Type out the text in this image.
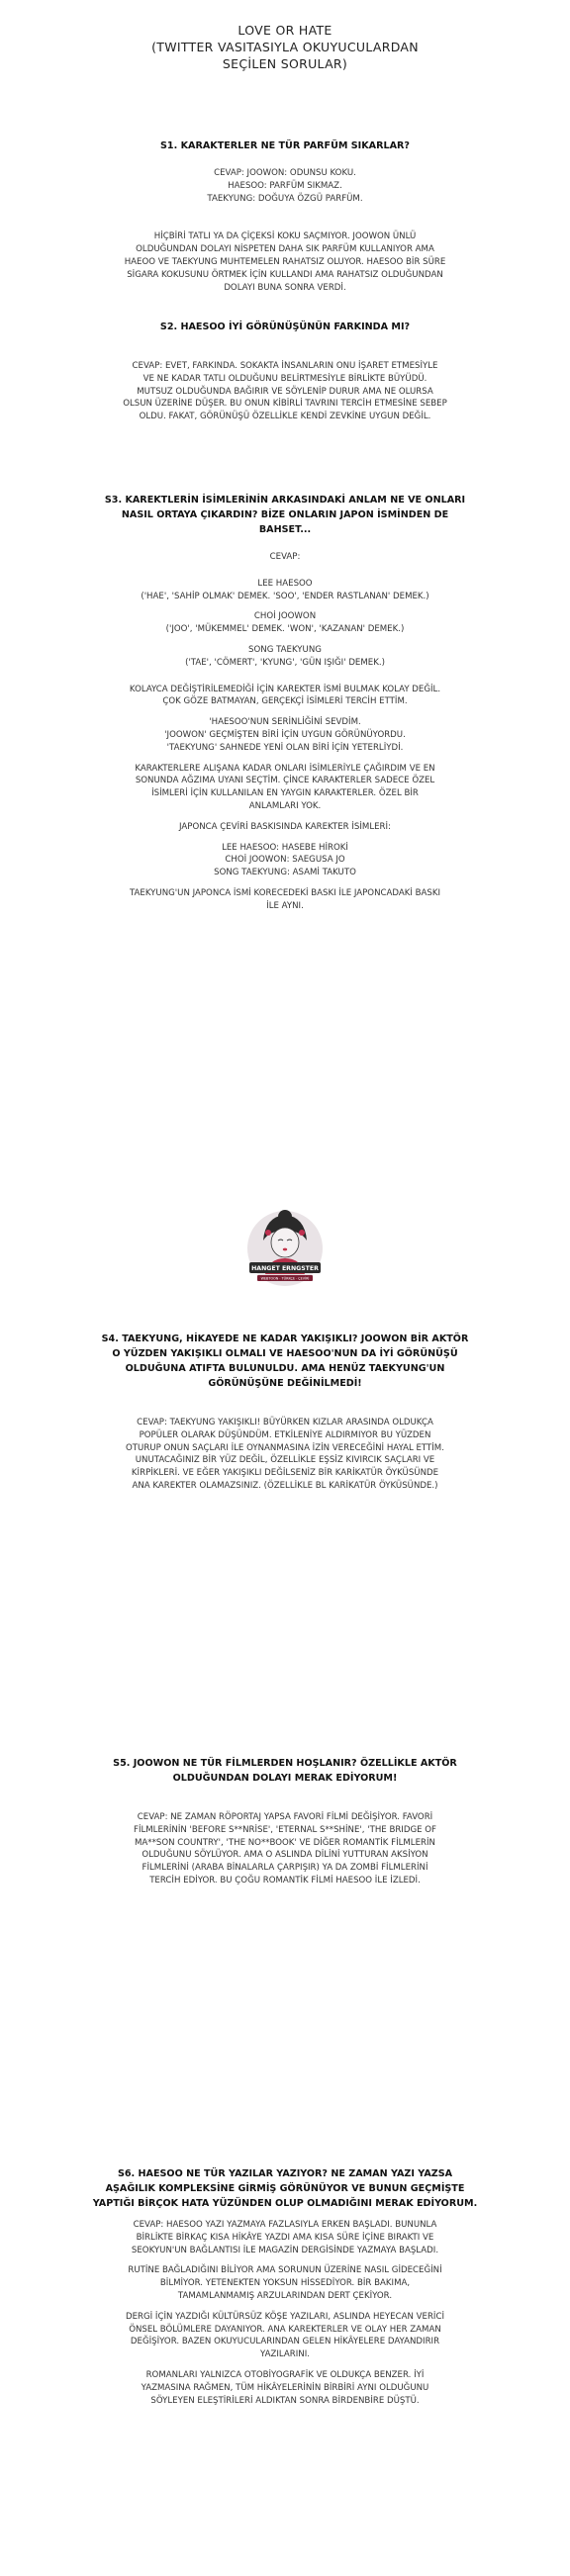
LOVE OR HATE
(TWITTER VASITASIYLA OKUYUCULARDAN
SEÇİLEN SORULAR)
S1. KARAKTERLER NE TÜR PARFÜM SIKARLAR?

CEVAP: JOOWON: ODUNSU KOKU.

HAESOO: PARFÜM SIKMAZ.

TAEKYUNG: DOĞUYA ÖZGÜ PARFÜM.

HİÇBİRİ TATLI YA DA ÇİÇEKSİ KOKU SAÇMIYOR. JOOWON ÜNLÜ

OLDUĞUNDAN DOLAYI NİSPETEN DAHA SIK PARFÜM KULLANIYOR AMA

HAEOO VE TAEKYUNG MUHTEMELEN RAHATSIZ OLUYOR. HAESOO BİR SÜRE

SİGARA KOKUSUNU ÖRTMEK İÇİN KULLANDI AMA RAHATSIZ OLDUĞUNDAN

DOLAYI BUNA SONRA VERDİ.

S2. HAESOO İYİ GÖRÜNÜŞÜNÜN FARKINDA MI?

CEVAP: EVET, FARKINDA. SOKAKTA İNSANLARIN ONU İŞARET ETMESİYLE

VE NE KADAR TATLI OLDUĞUNU BELİRTMESİYLE BİRLİKTE BÜYÜDÜ.

MUTSUZ OLDUĞUNDA BAĞIRIR VE SÖYLENİP DURUR AMA NE OLURSA

OLSUN ÜZERİNE DÜŞER. BU ONUN KİBİRLİ TAVRINI TERCİH ETMESİNE SEBEP

OLDU. FAKAT, GÖRÜNÜŞÜ ÖZELLİKLE KENDİ ZEVKİNE UYGUN DEĞİL.

S3. KAREKTLERİN İSİMLERİNİN ARKASINDAKİ ANLAM NE VE ONLARI
NASIL ORTAYA ÇIKARDIN? BİZE ONLARIN JAPON İSMİNDEN DE
BAHSET...

CEVAP:

LEE HAESOO

('HAE', 'SAHİP OLMAK' DEMEK. 'SOO', 'ENDER RASTLANAN' DEMEK.)

CHOİ JOOWON

('JOO', 'MÜKEMMEL' DEMEK. 'WON', 'KAZANAN' DEMEK.)

SONG TAEKYUNG

('TAE', 'CÖMERT', 'KYUNG', 'GÜN IŞIĞI' DEMEK.)

KOLAYCA DEĞİŞTİRİLEMEDİĞİ İÇİN KAREKTER İSMİ BULMAK KOLAY DEĞİL.

ÇOK GÖZE BATMAYAN, GERÇEKÇİ İSİMLERİ TERCİH ETTİM.

'HAESOO'NUN SERİNLİĞİNİ SEVDİM.

'JOOWON' GEÇMİŞTEN BİRİ İÇİN UYGUN GÖRÜNÜYORDU.

'TAEKYUNG' SAHNEDE YENİ OLAN BİRİ İÇİN YETERLİYDİ.

KARAKTERLERE ALIŞANA KADAR ONLARI İSİMLERİYLE ÇAĞIRDIM VE EN

SONUNDA AĞZIMA UYANI SEÇTİM. ÇİNCE KARAKTERLER SADECE ÖZEL

İSİMLERİ İÇİN KULLANILAN EN YAYGIN KARAKTERLER. ÖZEL BİR

ANLAMLARI YOK.

JAPONCA ÇEVİRİ BASKISINDA KAREKTER İSİMLERİ:

LEE HAESOO: HASEBE HİROKİ

CHOİ JOOWON: SAEGUSA JO

SONG TAEKYUNG: ASAMİ TAKUTO

TAEKYUNG'UN JAPONCA İSMİ KORECEDEKİ BASKI İLE JAPONCADAKİ BASKI

İLE AYNI.

HANGET ERNGSTER
WEBTOON · TÜRKÇE · ÇEVİRİ
S4. TAEKYUNG, HİKAYEDE NE KADAR YAKIŞIKLI? JOOWON BİR AKTÖR
O YÜZDEN YAKIŞIKLI OLMALI VE HAESOO'NUN DA İYİ GÖRÜNÜŞÜ
OLDUĞUNA ATIFTA BULUNULDU. AMA HENÜZ TAEKYUNG'UN
GÖRÜNÜŞÜNE DEĞİNİLMEDİ!

CEVAP: TAEKYUNG YAKIŞIKLI! BÜYÜRKEN KIZLAR ARASINDA OLDUKÇA

POPÜLER OLARAK DÜŞÜNDÜM. ETKİLENİYE ALDIRMIYOR BU YÜZDEN

OTURUP ONUN SAÇLARI İLE OYNANMASINA İZİN VERECEĞİNİ HAYAL ETTİM.

UNUTACAĞINIZ BİR YÜZ DEĞİL, ÖZELLİKLE EŞSİZ KIVIRCIK SAÇLARI VE

KİRPİKLERİ. VE EĞER YAKIŞIKLI DEĞİLSENİZ BİR KARİKATÜR ÖYKÜSÜNDE

ANA KAREKTER OLAMAZSINIZ. (ÖZELLİKLE BL KARİKATÜR ÖYKÜSÜNDE.)

S5. JOOWON NE TÜR FİLMLERDEN HOŞLANIR? ÖZELLİKLE AKTÖR
OLDUĞUNDAN DOLAYI MERAK EDİYORUM!

CEVAP: NE ZAMAN RÖPORTAJ YAPSA FAVORİ FİLMİ DEĞİŞİYOR. FAVORİ

FİLMLERİNİN 'BEFORE S**NRİSE', 'ETERNAL S**SHİNE', 'THE BRIDGE OF

MA**SON COUNTRY', 'THE NO**BOOK' VE DİĞER ROMANTİK FİLMLERİN

OLDUĞUNU SÖYLÜYOR. AMA O ASLINDA DİLİNİ YUTTURAN AKSİYON

FİLMLERİNİ (ARABA BİNALARLA ÇARPIŞIR) YA DA ZOMBİ FİLMLERİNİ

TERCİH EDİYOR. BU ÇOĞU ROMANTİK FİLMİ HAESOO İLE İZLEDİ.

S6. HAESOO NE TÜR YAZILAR YAZIYOR? NE ZAMAN YAZI YAZSA
AŞAĞILIK KOMPLEKSİNE GİRMİŞ GÖRÜNÜYOR VE BUNUN GEÇMİŞTE
YAPTIĞI BİRÇOK HATA YÜZÜNDEN OLUP OLMADIĞINI MERAK EDİYORUM.

CEVAP: HAESOO YAZI YAZMAYA FAZLASIYLA ERKEN BAŞLADI. BUNUNLA

BİRLİKTE BİRKAÇ KISA HİKÂYE YAZDI AMA KISA SÜRE İÇİNE BIRAKTI VE

SEOKYUN'UN BAĞLANTISI İLE MAGAZİN DERGİSİNDE YAZMAYA BAŞLADI.

RUTİNE BAĞLADIĞINI BİLİYOR AMA SORUNUN ÜZERİNE NASIL GİDECEĞİNİ

BİLMİYOR. YETENEKTEN YOKSUN HİSSEDİYOR. BİR BAKIMA,

TAMAMLANMAMIŞ ARZULARINDAN DERT ÇEKİYOR.

DERGİ İÇİN YAZDIĞI KÜLTÜRSÜZ KÖŞE YAZILARI, ASLINDA HEYECAN VERİCİ

ÖNSEL BÖLÜMLERE DAYANIYOR. ANA KAREKTERLER VE OLAY HER ZAMAN

DEĞİŞİYOR. BAZEN OKUYUCULARINDAN GELEN HİKÂYELERE DAYANDIRIR

YAZILARINI.

ROMANLARI YALNIZCA OTOBİYOGRAFİK VE OLDUKÇA BENZER. İYİ

YAZMASINA RAĞMEN, TÜM HİKÂYELERİNİN BİRBİRİ AYNI OLDUĞUNU

SÖYLEYEN ELEŞTİRİLERİ ALDIKTAN SONRA BİRDENBİRE DÜŞTÜ.
